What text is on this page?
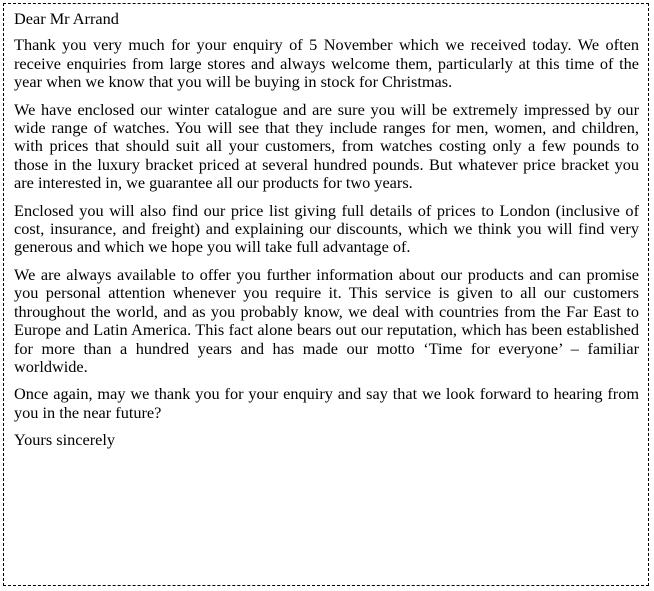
Dear Mr Arrand

Thank you very much for your enquiry of 5 November which we received today. We often receive enquiries from large stores and always welcome them, particularly at this time of the year when we know that you will be buying in stock for Christmas.

We have enclosed our winter catalogue and are sure you will be extremely impressed by our wide range of watches. You will see that they include ranges for men, women, and children, with prices that should suit all your customers, from watches costing only a few pounds to those in the luxury bracket priced at several hundred pounds. But whatever price bracket you are interested in, we guarantee all our products for two years.

Enclosed you will also find our price list giving full details of prices to London (inclusive of cost, insurance, and freight) and explaining our discounts, which we think you will find very generous and which we hope you will take full advantage of.

We are always available to offer you further information about our products and can promise you personal attention whenever you require it. This service is given to all our customers throughout the world, and as you probably know, we deal with countries from the Far East to Europe and Latin America. This fact alone bears out our reputation, which has been established for more than a hundred years and has made our motto ‘Time for everyone’ – familiar worldwide.

Once again, may we thank you for your enquiry and say that we look forward to hearing from you in the near future?

Yours sincerely
